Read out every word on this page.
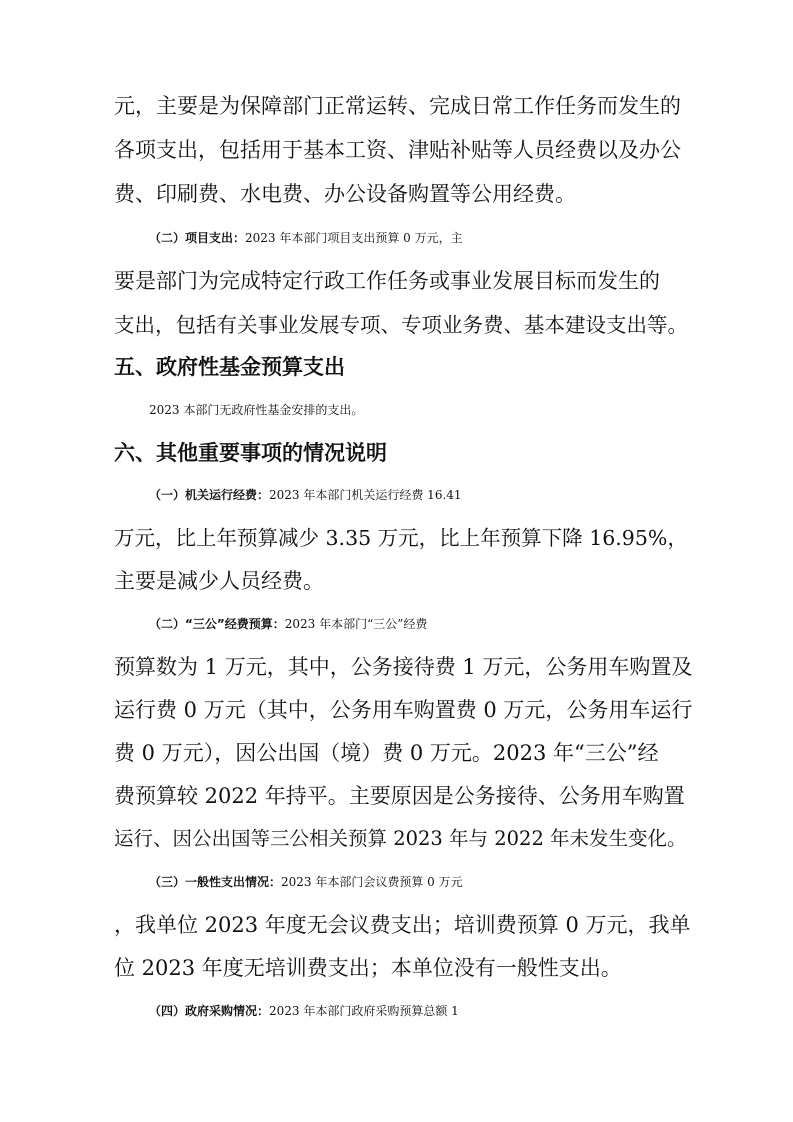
元，主要是为保障部门正常运转、完成日常工作任务而发生的
各项支出，包括用于基本工资、津贴补贴等人员经费以及办公
费、印刷费、水电费、办公设备购置等公用经费。
（二）项目支出：2023 年本部门项目支出预算 0 万元，主
要是部门为完成特定行政工作任务或事业发展目标而发生的
支出，包括有关事业发展专项、专项业务费、基本建设支出等。
五、政府性基金预算支出
2023 本部门无政府性基金安排的支出。
六、其他重要事项的情况说明
（一）机关运行经费：2023 年本部门机关运行经费 16.41
万元，比上年预算减少 3.35 万元，比上年预算下降 16.95%，
主要是减少人员经费。
（二）“三公”经费预算：2023 年本部门“三公”经费
预算数为 1 万元，其中，公务接待费 1 万元，公务用车购置及
运行费 0 万元（其中，公务用车购置费 0 万元，公务用车运行
费 0 万元），因公出国（境）费 0 万元。2023 年“三公”经
费预算较 2022 年持平。主要原因是公务接待、公务用车购置
运行、因公出国等三公相关预算 2023 年与 2022 年未发生变化。
（三）一般性支出情况：2023 年本部门会议费预算 0 万元
，我单位 2023 年度无会议费支出；培训费预算 0 万元，我单
位 2023 年度无培训费支出；本单位没有一般性支出。
（四）政府采购情况：2023 年本部门政府采购预算总额 1
